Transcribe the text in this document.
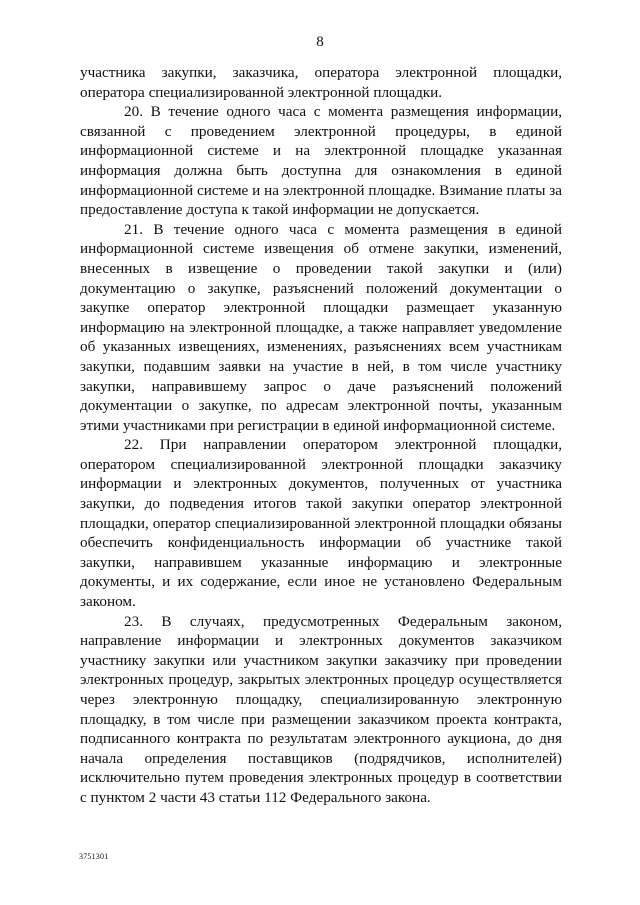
8

участника закупки, заказчика, оператора электронной площадки, оператора специализированной электронной площадки.

20. В течение одного часа с момента размещения информации, связанной с проведением электронной процедуры, в единой информационной системе и на электронной площадке указанная информация должна быть доступна для ознакомления в единой информационной системе и на электронной площадке. Взимание платы за предоставление доступа к такой информации не допускается.

21. В течение одного часа с момента размещения в единой информационной системе извещения об отмене закупки, изменений, внесенных в извещение о проведении такой закупки и (или) документацию о закупке, разъяснений положений документации о закупке оператор электронной площадки размещает указанную информацию на электронной площадке, а также направляет уведомление об указанных извещениях, изменениях, разъяснениях всем участникам закупки, подавшим заявки на участие в ней, в том числе участнику закупки, направившему запрос о даче разъяснений положений документации о закупке, по адресам электронной почты, указанным этими участниками при регистрации в единой информационной системе.

22. При направлении оператором электронной площадки, оператором специализированной электронной площадки заказчику информации и электронных документов, полученных от участника закупки, до подведения итогов такой закупки оператор электронной площадки, оператор специализированной электронной площадки обязаны обеспечить конфиденциальность информации об участнике такой закупки, направившем указанные информацию и электронные документы, и их содержание, если иное не установлено Федеральным законом.

23. В случаях, предусмотренных Федеральным законом, направление информации и электронных документов заказчиком участнику закупки или участником закупки заказчику при проведении электронных процедур, закрытых электронных процедур осуществляется через электронную площадку, специализированную электронную площадку, в том числе при размещении заказчиком проекта контракта, подписанного контракта по результатам электронного аукциона, до дня начала определения поставщиков (подрядчиков, исполнителей) исключительно путем проведения электронных процедур в соответствии с пунктом 2 части 43 статьи 112 Федерального закона.

3751301
